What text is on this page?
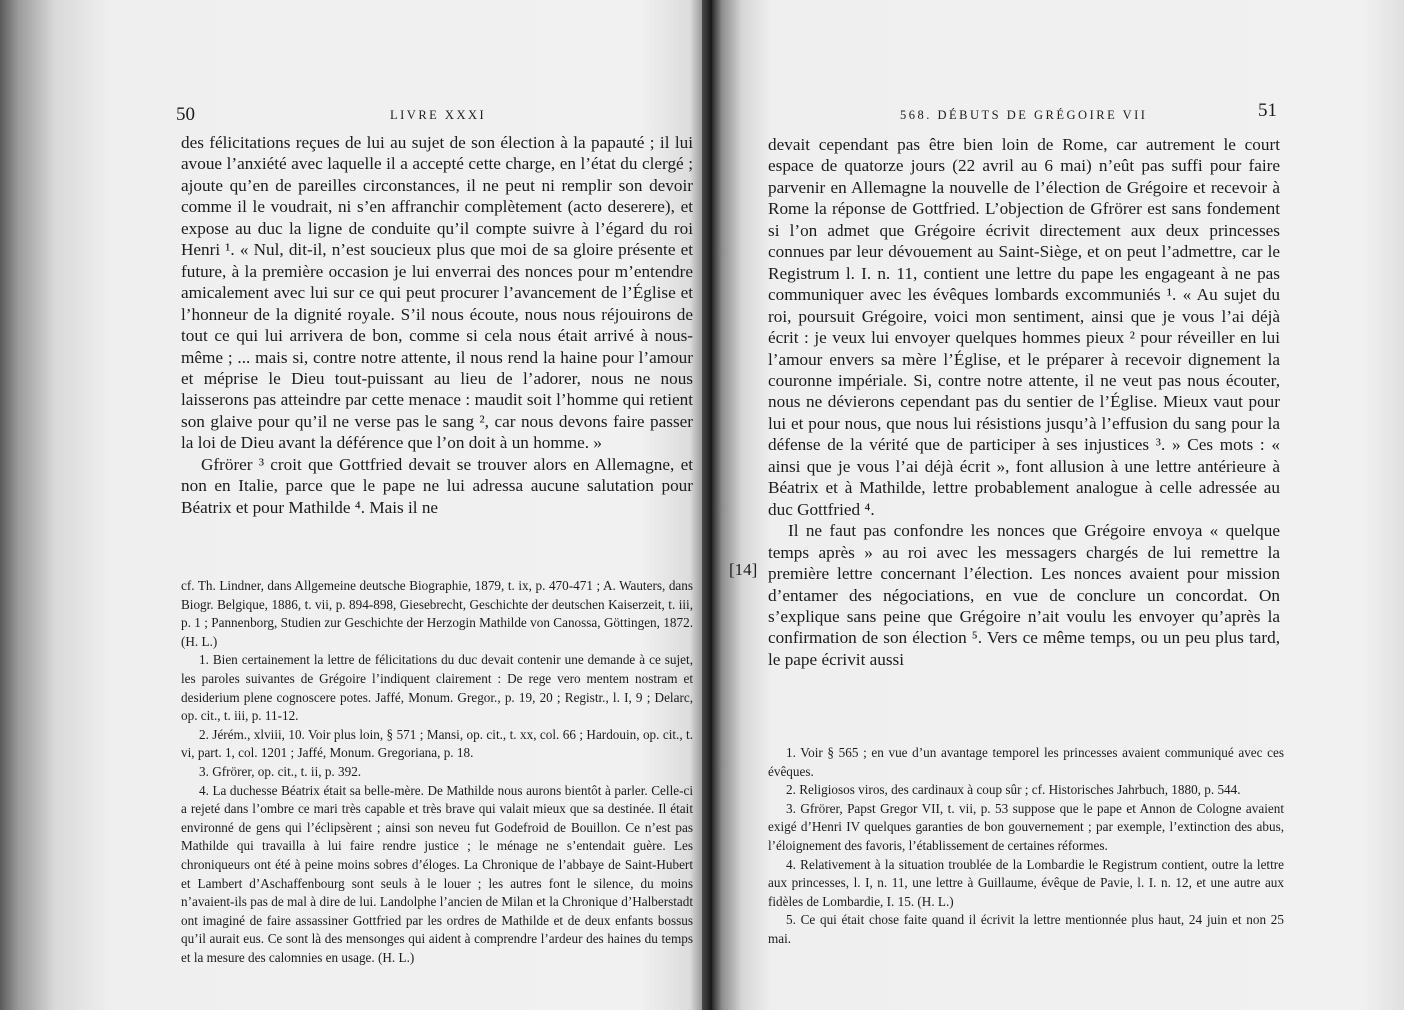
50	LIVRE XXXI

des félicitations reçues de lui au sujet de son élection à la papauté ; il lui avoue l’anxiété avec laquelle il a accepté cette charge, en l’état du clergé ; ajoute qu’en de pareilles circonstances, il ne peut ni remplir son devoir comme il le voudrait, ni s’en affranchir complètement (acto deserere), et expose au duc la ligne de conduite qu’il compte suivre à l’égard du roi Henri ¹. « Nul, dit-il, n’est soucieux plus que moi de sa gloire présente et future, à la première occasion je lui enverrai des nonces pour m’entendre amicalement avec lui sur ce qui peut procurer l’avancement de l’Église et l’honneur de la dignité royale. S’il nous écoute, nous nous réjouirons de tout ce qui lui arrivera de bon, comme si cela nous était arrivé à nous-même ; ... mais si, contre notre attente, il nous rend la haine pour l’amour et méprise le Dieu tout-puissant au lieu de l’adorer, nous ne nous laisserons pas atteindre par cette menace : maudit soit l’homme qui retient son glaive pour qu’il ne verse pas le sang ², car nous devons faire passer la loi de Dieu avant la déférence que l’on doit à un homme. »

Gfrörer ³ croit que Gottfried devait se trouver alors en Allemagne, et non en Italie, parce que le pape ne lui adressa aucune salutation pour Béatrix et pour Mathilde ⁴. Mais il ne

cf. Th. Lindner, dans Allgemeine deutsche Biographie, 1879, t. ix, p. 470-471 ; A. Wauters, dans Biogr. Belgique, 1886, t. vii, p. 894-898, Giesebrecht, Geschichte der deutschen Kaiserzeit, t. iii, p. 1 ; Pannenborg, Studien zur Geschichte der Herzogin Mathilde von Canossa, Göttingen, 1872. (H. L.)

1. Bien certainement la lettre de félicitations du duc devait contenir une demande à ce sujet, les paroles suivantes de Grégoire l’indiquent clairement : De rege vero mentem nostram et desiderium plene cognoscere potes. Jaffé, Monum. Gregor., p. 19, 20 ; Registr., l. I, 9 ; Delarc, op. cit., t. iii, p. 11-12.

2. Jérém., xlviii, 10. Voir plus loin, § 571 ; Mansi, op. cit., t. xx, col. 66 ; Hardouin, op. cit., t. vi, part. 1, col. 1201 ; Jaffé, Monum. Gregoriana, p. 18.

3. Gfrörer, op. cit., t. ii, p. 392.

4. La duchesse Béatrix était sa belle-mère. De Mathilde nous aurons bientôt à parler. Celle-ci a rejeté dans l’ombre ce mari très capable et très brave qui valait mieux que sa destinée. Il était environné de gens qui l’éclipsèrent ; ainsi son neveu fut Godefroid de Bouillon. Ce n’est pas Mathilde qui travailla à lui faire rendre justice ; le ménage ne s’entendait guère. Les chroniqueurs ont été à peine moins sobres d’éloges. La Chronique de l’abbaye de Saint-Hubert et Lambert d’Aschaffenbourg sont seuls à le louer ; les autres font le silence, du moins n’avaient-ils pas de mal à dire de lui. Landolphe l’ancien de Milan et la Chronique d’Halberstadt ont imaginé de faire assassiner Gottfried par les ordres de Mathilde et de deux enfants bossus qu’il aurait eus. Ce sont là des mensonges qui aident à comprendre l’ardeur des haines du temps et la mesure des calomnies en usage. (H. L.)

568. DÉBUTS DE GRÉGOIRE VII	51

devait cependant pas être bien loin de Rome, car autrement le court espace de quatorze jours (22 avril au 6 mai) n’eût pas suffi pour faire parvenir en Allemagne la nouvelle de l’élection de Grégoire et recevoir à Rome la réponse de Gottfried. L’objection de Gfrörer est sans fondement si l’on admet que Grégoire écrivit directement aux deux princesses connues par leur dévouement au Saint-Siège, et on peut l’admettre, car le Registrum l. I. n. 11, contient une lettre du pape les engageant à ne pas communiquer avec les évêques lombards excommuniés ¹. « Au sujet du roi, poursuit Grégoire, voici mon sentiment, ainsi que je vous l’ai déjà écrit : je veux lui envoyer quelques hommes pieux ² pour réveiller en lui l’amour envers sa mère l’Église, et le préparer à recevoir dignement la couronne impériale. Si, contre notre attente, il ne veut pas nous écouter, nous ne dévierons cependant pas du sentier de l’Église. Mieux vaut pour lui et pour nous, que nous lui résistions jusqu’à l’effusion du sang pour la défense de la vérité que de participer à ses injustices ³. » Ces mots : « ainsi que je vous l’ai déjà écrit », font allusion à une lettre antérieure à Béatrix et à Mathilde, lettre probablement analogue à celle adressée au duc Gottfried ⁴.

Il ne faut pas confondre les nonces que Grégoire envoya « quelque temps après » au roi avec les messagers chargés de lui remettre la première lettre concernant l’élection. Les nonces avaient pour mission d’entamer des négociations, en vue de conclure un concordat. On s’explique sans peine que Grégoire n’ait voulu les envoyer qu’après la confirmation de son élection ⁵. Vers ce même temps, ou un peu plus tard, le pape écrivit aussi

1. Voir § 565 ; en vue d’un avantage temporel les princesses avaient communiqué avec ces évêques.

2. Religiosos viros, des cardinaux à coup sûr ; cf. Historisches Jahrbuch, 1880, p. 544.

3. Gfrörer, Papst Gregor VII, t. vii, p. 53 suppose que le pape et Annon de Cologne avaient exigé d’Henri IV quelques garanties de bon gouvernement ; par exemple, l’extinction des abus, l’éloignement des favoris, l’établissement de certaines réformes.

4. Relativement à la situation troublée de la Lombardie le Registrum contient, outre la lettre aux princesses, l. I, n. 11, une lettre à Guillaume, évêque de Pavie, l. I. n. 12, et une autre aux fidèles de Lombardie, I. 15. (H. L.)

5. Ce qui était chose faite quand il écrivit la lettre mentionnée plus haut, 24 juin et non 25 mai.

[14]
